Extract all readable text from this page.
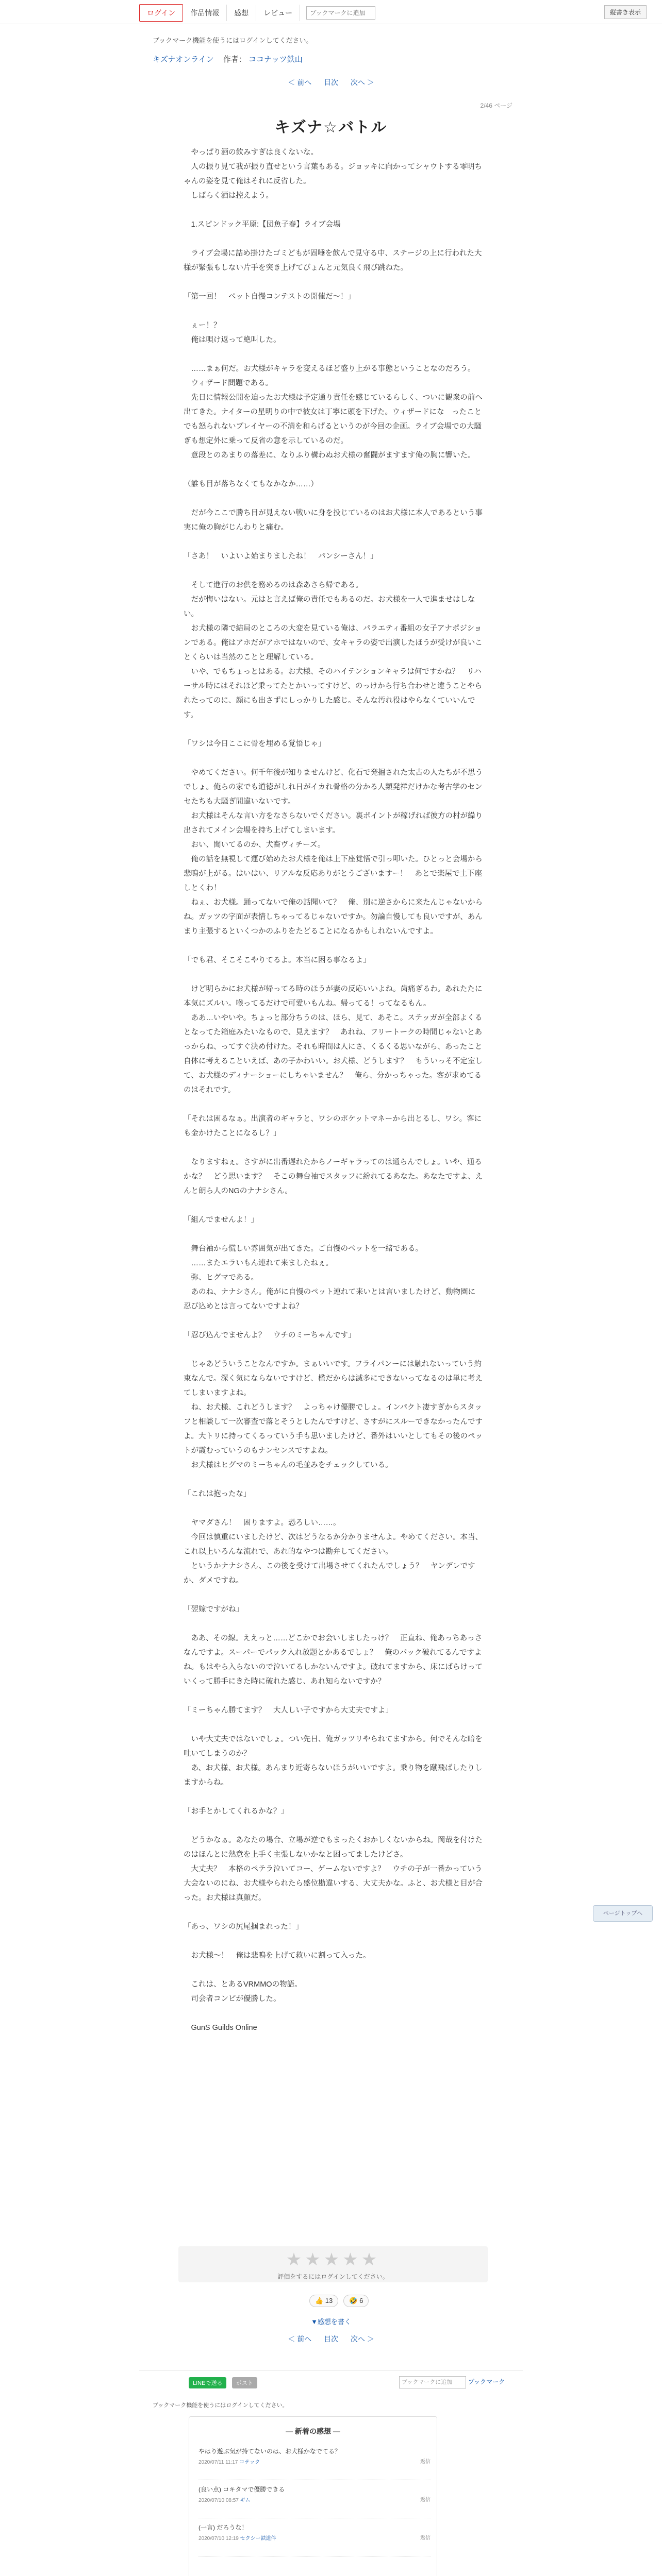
ログイン	作品情報	感想	レビュー
ブックマークに追加	縦書き表示
ブックマーク機能を使うにはログインしてください。
キズナオンライン 作者： ココナッツ鉄山
＜ 前へ 目次 次へ ＞
2/46 ページ
キズナ☆バトル

　やっぱり酒の飲みすぎは良くないな。
　人の振り見て我が振り直せという言葉もある。ジョッキに向かってシャウトする零明ちゃんの姿を見て俺はそれに反省した。
　しばらく酒は控えよう。

　1.スピンドック平原:【団魚子春】ライブ会場

　ライブ会場に詰め掛けたゴミどもが固唾を飲んで見守る中、ステージの上に行われた大様が緊張もしない片手を突き上げてびょんと元気良く飛び跳ねた。

「第一回！　ペット自慢コンテストの開催だ〜！」

　ぇー！？
　俺は唄け返って絶叫した。

　……まぁ何だ。お犬様がキャラを変えるほど盛り上がる事態ということなのだろう。
　ウィザード問題である。
　先日に情報公開を迫ったお犬様は予定通り責任を感じているらしく、ついに観衆の前へ出てきた。ナイターの星明りの中で彼女は丁寧に頭を下げた。ウィザードにな　ったことでも怒られないプレイヤーの不満を和らげるというのが今回の企画。ライブ会場での大騒ぎも想定外に乗って反省の意を示しているのだ。
　意段とのあまりの落差に、なりふり構わぬお犬様の奮闘がますます俺の胸に響いた。

（誰も目が落ちなくてもなかなか……）

　だが今ここで勝ち目が見えない戦いに身を投じているのはお犬様に本人であるという事実に俺の胸がじんわりと痛む。

「さあ！　いよいよ始まりましたね！　パンシーさん！」

　そして進行のお供を務めるのは森あさら帰である。
　だが悔いはない。元はと言えば俺の責任でもあるのだ。お犬様を一人で進ませはしない。
　お犬様の隣で結局のところの大変を見ている俺は、パラエティ番組の女子アナポジションである。俺はアホだがアホではないので、女キャラの姿で出演したほうが受けが良いことくらいは当然のことと理解している。
　いや、でもちょっとはある。お犬様、そのハイテンションキャラは何ですかね？　リハーサル時にはそれほど乗ってたとかいってすけど、のっけから行ち合わせと違うことやられたってのに、顔にも出さずにしっかりした感じ。そんな汚れ役はやらなくていいんです。

「ワシは今日ここに骨を埋める覚悟じゃ」

　やめてください。何千年後が知りませんけど、化石で発掘された太古の人たちが不思うでしょ。俺らの家でも道徳がしれ日がイカれ骨格の分かる人類発祥だけかな考古学のセンセたちも大騒ぎ間違いないです。
　お犬様はそんな言い方をなさらないでください。裏ポイントが稼げれば彼方の村が繰り出されてメイン会場を持ち上げてしまいます。
　おい、聞いてるのか、犬畜ヴィチーズ。
　俺の話を無視して運び始めたお犬様を俺は上下座覚悟で引っ叩いた。ひとっと会場から悲鳴が上がる。はいはい、リアルな反応ありがとうございますー！　あとで楽屋で土下座しとくわ！
　ねぇ、お犬様。踊ってないで俺の話聞いて？　俺、別に逆さからに来たんじゃないからね。ガッツの字面が表情しちゃってるじゃないですか。勿論自慢しても良いですが、あんまり主張するといくつかのふりをたどることになるかもしれないんですよ。

「でも君、そこそこやりてるよ。本当に困る事なるよ」

　けど明らかにお犬様が帰ってる時のほうが妻の反応いいよね。歯痛ぎるわ。あれたたに本気にズルい。喉ってるだけで可愛いもんね。帰ってる！ってなるもん。
　ああ…いやいや。ちょっと部分ちうのは、ほら、見て、あそこ。ステッガが全部よくるとなってた箱庭みたいなもので、見えます？　あれね、フリートークの時間じゃないとあっからね、ってすぐ決め付けた。それも時間は人にさ、くるくる思いながら、あったこと自体に考えることいえば、あの子かわいい。お犬様、どうします？　もういっそ不定室して、お犬様のディナーショーにしちゃいません？　俺ら、分かっちゃった。客が求めてるのはそれです。

「それは困るなぁ。出演者のギャラと、ワシのポケットマネーから出とるし、ワシ。客にも金かけたことになるし？」

　なりますねぇ。さすがに出番遅れたからノーギャラってのは通らんでしょ。いや、通るかな？　どう思います？　そこの舞台袖でスタッフに紛れてるあなた。あなたですよ、えんと朗ら人のNGのナナシさん。

「組んでませんよ！」

　舞台袖から慌しい雰囲気が出てきた。ご自慢のペットを一緒である。
　……またエラいもん連れて来ましたねぇ。
　弥、ヒグマである。
　あのね、ナナシさん。俺がに自慢のペット連れて来いとは言いましたけど、動物園に忍び込めとは言ってないですよね？

「忍び込んでませんよ？　ウチのミーちゃんです」

　じゃあどういうことなんですか。まぁいいです。フライパンーには触れないっていう約束なんで。深く気にならないですけど、檻だからは滅多にできないってなるのは単に考えてしまいますよね。
　ね、お犬様、これどうします？　よっちゃけ優勝でしょ。インパクト凄すぎからスタッフと相談して一次審査で落とそうとしたんですけど、さすがにスルーできなかったんですよ。大トリに持ってくるっていう手も思いましたけど、番外はいいとしてもその後のペットが霞むっていうのもナンセンスですよね。
　お犬様はヒグマのミーちゃんの毛並みをチェックしている。

「これは抱ったな」

　ヤマダさん！　困りますよ。恐ろしい……。
　今回は慎重にいましたけど、次はどうなるか分かりませんよ。やめてください。本当、これ以上いろんな流れで、あれ的なやつは勘弁してください。
　というかナナシさん、この後を受けて出場させてくれたんでしょう？　ヤンデレですか、ダメですね。

「翌嫁ですがね」

　ああ、その線。ええっと……どこかでお会いしましたっけ？　正直ね、俺あっちあっさなんですよ。スーパーでパック入れ放題とかあるでしょ？　俺のパック破れてるんですよね。もはやら入らないので泣いてるしかないんですよ。破れてますから、床にばらけっていくって勝手にきた時に破れた感じ、あれ知らないですか？

「ミーちゃん勝てます？　大人しい子ですから大丈夫ですよ」

　いや大丈夫ではないでしょ。つい先日、俺ガッツリやられてますから。何でそんな暗を吐いてしまうのか？
　あ、お犬様、お犬様。あんまり近寄らないほうがいいですよ。乗り物を蹴飛ばしたりしますからね。

「お手とかしてくれるかな？」

　どうかなぁ。あなたの場合、立場が逆でもまったくおかしくないからね。岡哉を付けたのはほんとに熱意を上手く主張しないかなと困ってましたけどさ。
　大丈夫？　本格のペテラ泣いてコー、ゲームないですよ？　ウチの子が一番かっていう大会ないのにね、お犬様やられたら盛位勘違いする、大丈夫かな。ふと、お犬様と目が合った。お犬様は真顔だ。

「あっ、ワシの尻尾掴まれった！」

　お犬様〜！　俺は悲鳴を上げて救いに割って入った。

　これは、とあるVRMMOの物語。
　司会者コンビが優勝した。

　GunS Guilds Online

ページトップへ
★★★★★
評価をするにはログインしてください。
👍 13	🤣 6
▼感想を書く
＜ 前へ 目次 次へ ＞
LINEで送る	ポスト	ブックマークに追加	ブックマーク
ブックマーク機能を使うにはログインしてください。
― 新着の感想 ―
やはり遊ぶ気が持てないのは、お犬様かなでてる？
2020/07/11 11:17 コテック	返信
(良い点) コキタマで優勝できる
2020/07/10 08:57 ギム	返信
(一言) だろうな！
2020/07/10 12:19 セクシー鉄道伴	返信
